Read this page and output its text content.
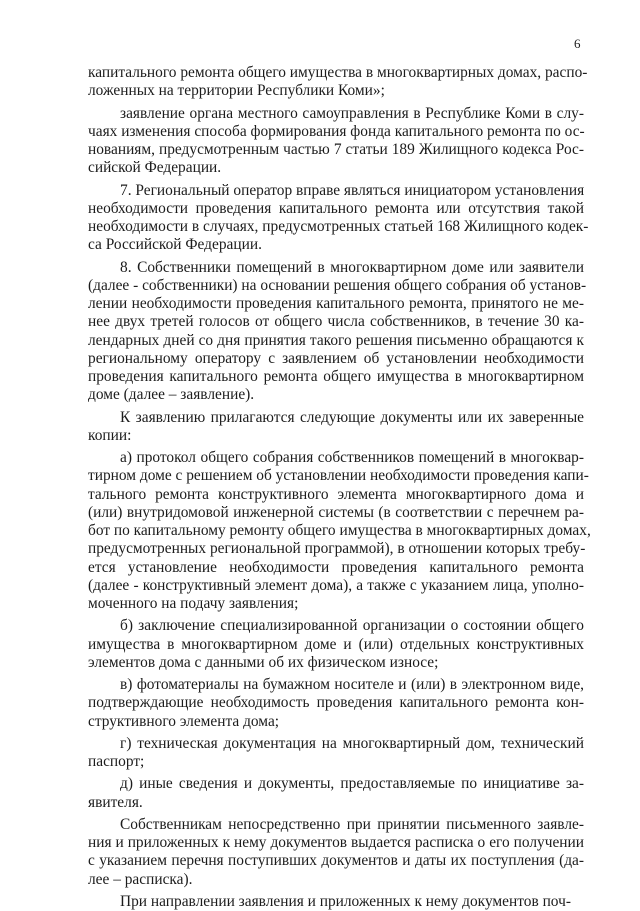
6
капитального ремонта общего имущества в многоквартирных домах, распо-
ложенных на территории Республики Коми»;
заявление органа местного самоуправления в Республике Коми в слу-
чаях изменения способа формирования фонда капитального ремонта по ос-
нованиям, предусмотренным частью 7 статьи 189 Жилищного кодекса Рос-
сийской Федерации.
7. Региональный оператор вправе являться инициатором установления
необходимости проведения капитального ремонта или отсутствия такой
необходимости в случаях, предусмотренных статьей 168 Жилищного кодек-
са Российской Федерации.
8. Собственники помещений в многоквартирном доме или заявители
(далее - собственники) на основании решения общего собрания об установ-
лении необходимости проведения капитального ремонта, принятого не ме-
нее двух третей голосов от общего числа собственников, в течение 30 ка-
лендарных дней со дня принятия такого решения письменно обращаются к
региональному оператору с заявлением об установлении необходимости
проведения капитального ремонта общего имущества в многоквартирном
доме (далее – заявление).
К заявлению прилагаются следующие документы или их заверенные
копии:
а) протокол общего собрания собственников помещений в многоквар-
тирном доме с решением об установлении необходимости проведения капи-
тального ремонта конструктивного элемента многоквартирного дома и
(или) внутридомовой инженерной системы (в соответствии с перечнем ра-
бот по капитальному ремонту общего имущества в многоквартирных домах,
предусмотренных региональной программой), в отношении которых требу-
ется установление необходимости проведения капитального ремонта
(далее - конструктивный элемент дома), а также с указанием лица, уполно-
моченного на подачу заявления;
б) заключение специализированной организации о состоянии общего
имущества в многоквартирном доме и (или) отдельных конструктивных
элементов дома с данными об их физическом износе;
в) фотоматериалы на бумажном носителе и (или) в электронном виде,
подтверждающие необходимость проведения капитального ремонта кон-
структивного элемента дома;
г) техническая документация на многоквартирный дом, технический
паспорт;
д) иные сведения и документы, предоставляемые по инициативе за-
явителя.
Собственникам непосредственно при принятии письменного заявле-
ния и приложенных к нему документов выдается расписка о его получении
с указанием перечня поступивших документов и даты их поступления (да-
лее – расписка).
При направлении заявления и приложенных к нему документов поч-
